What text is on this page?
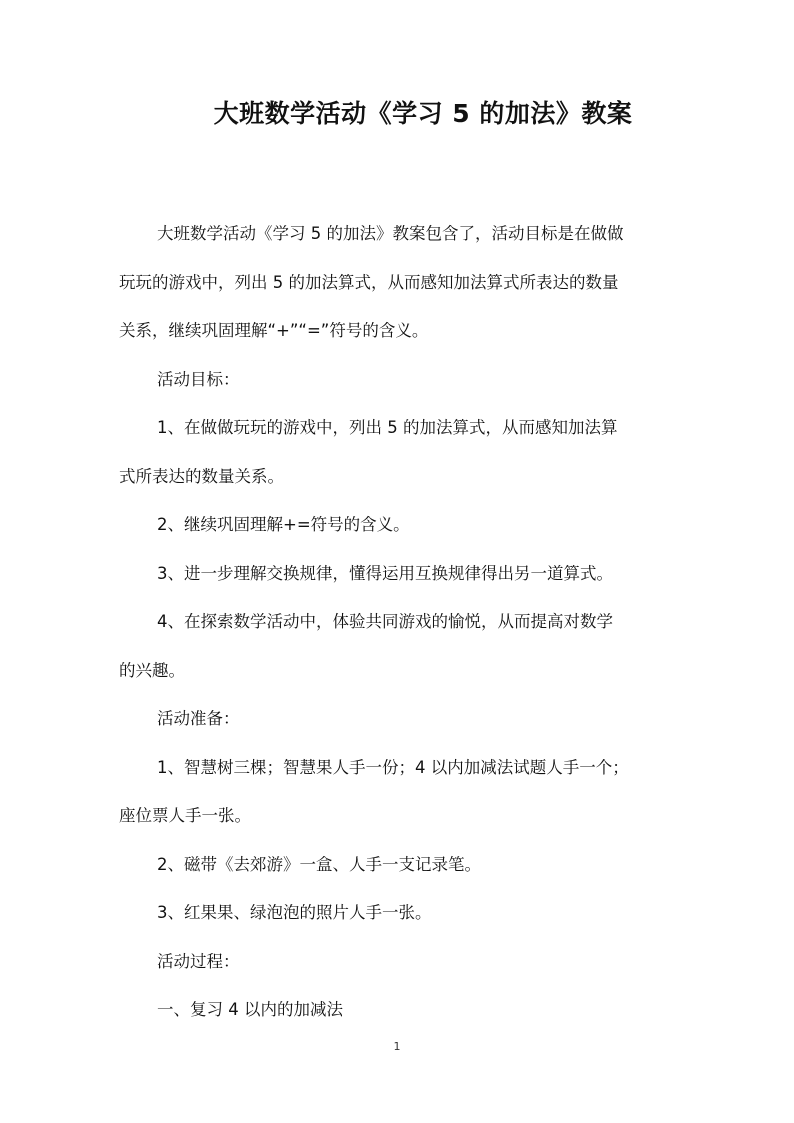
大班数学活动《学习 5 的加法》教案

大班数学活动《学习 5 的加法》教案包含了，活动目标是在做做

玩玩的游戏中，列出 5 的加法算式，从而感知加法算式所表达的数量

关系，继续巩固理解“+”“=”符号的含义。

活动目标：

1、在做做玩玩的游戏中，列出 5 的加法算式，从而感知加法算

式所表达的数量关系。

2、继续巩固理解+=符号的含义。

3、进一步理解交换规律，懂得运用互换规律得出另一道算式。

4、在探索数学活动中，体验共同游戏的愉悦，从而提高对数学

的兴趣。

活动准备：

1、智慧树三棵；智慧果人手一份；4 以内加减法试题人手一个；

座位票人手一张。

2、磁带《去郊游》一盒、人手一支记录笔。

3、红果果、绿泡泡的照片人手一张。

活动过程：

一、复习 4 以内的加减法

1
